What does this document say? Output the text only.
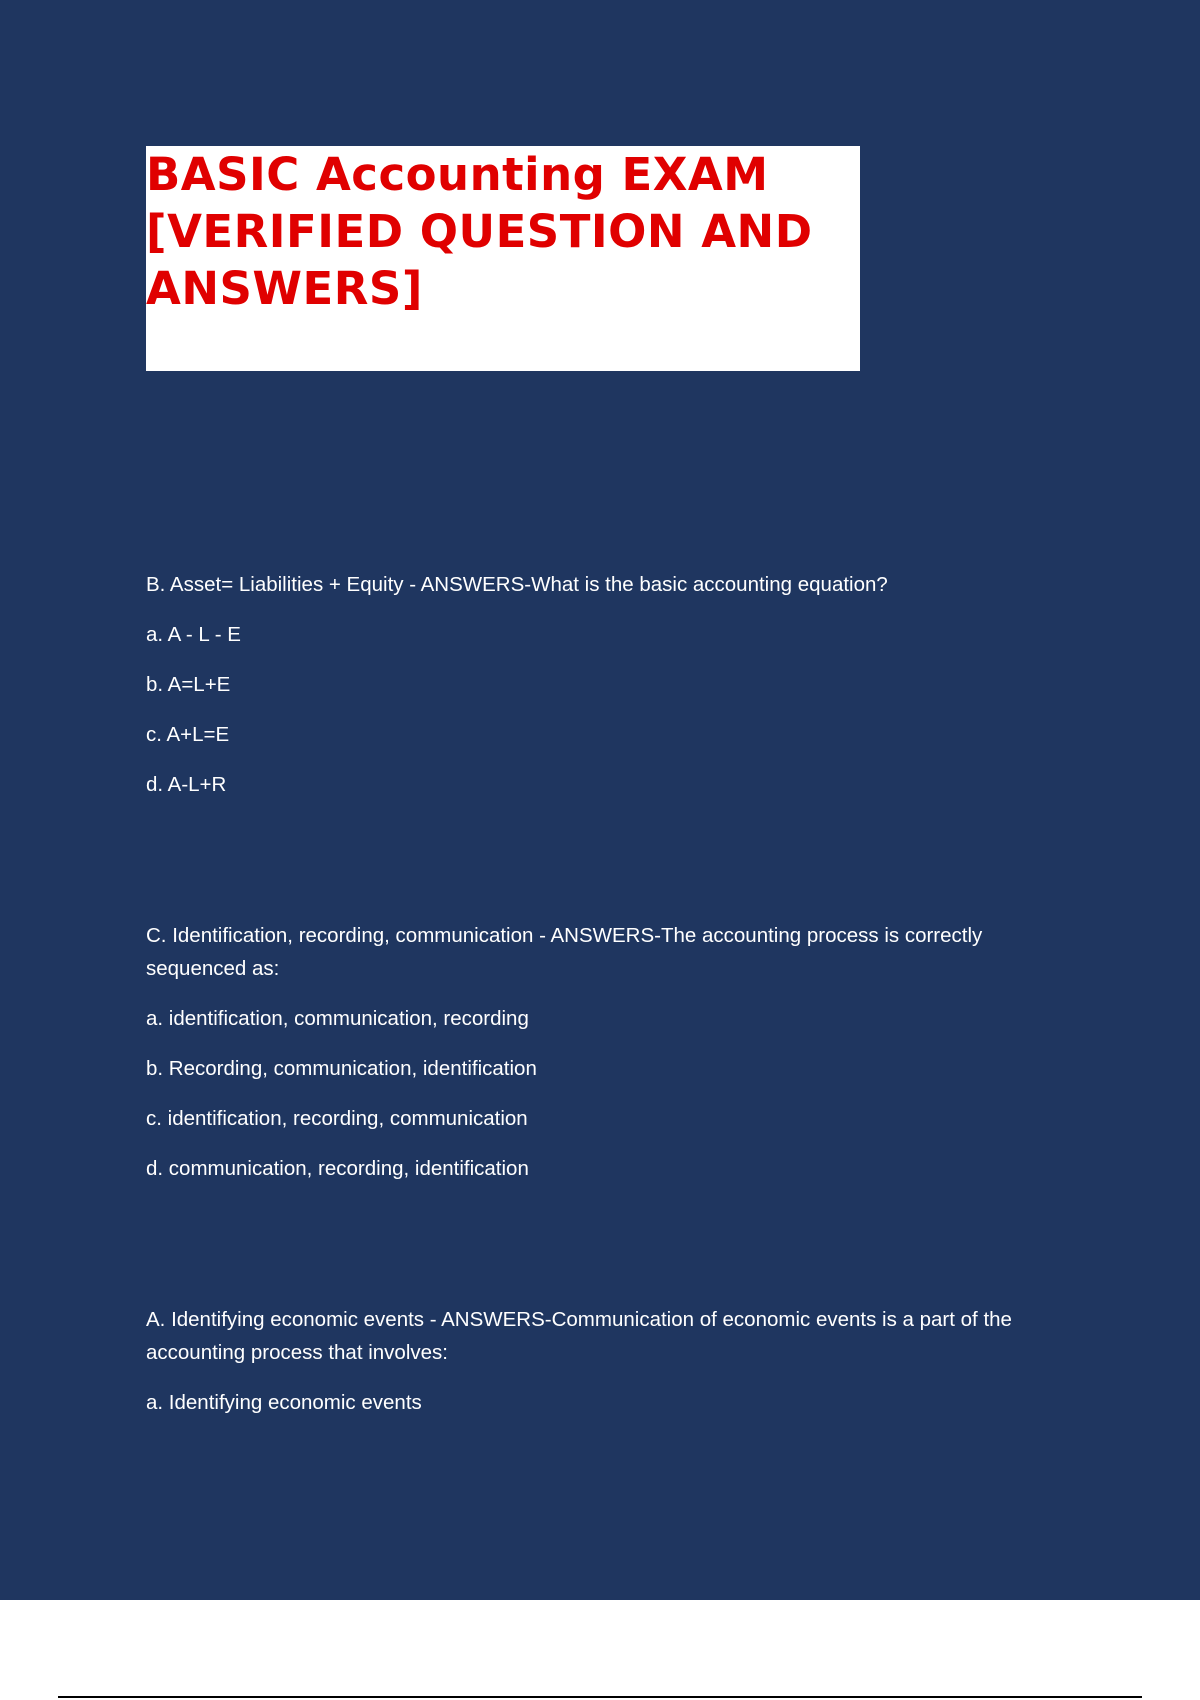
BASIC Accounting EXAM
[VERIFIED QUESTION AND
ANSWERS]

B. Asset= Liabilities + Equity - ANSWERS-What is the basic accounting equation?

a. A - L - E

b. A=L+E

c. A+L=E

d. A-L+R

C. Identification, recording, communication - ANSWERS-The accounting process is correctly sequenced as:

a. identification, communication, recording

b. Recording, communication, identification

c. identification, recording, communication

d. communication, recording, identification

A. Identifying economic events - ANSWERS-Communication of economic events is a part of the accounting process that involves:

a. Identifying economic events
